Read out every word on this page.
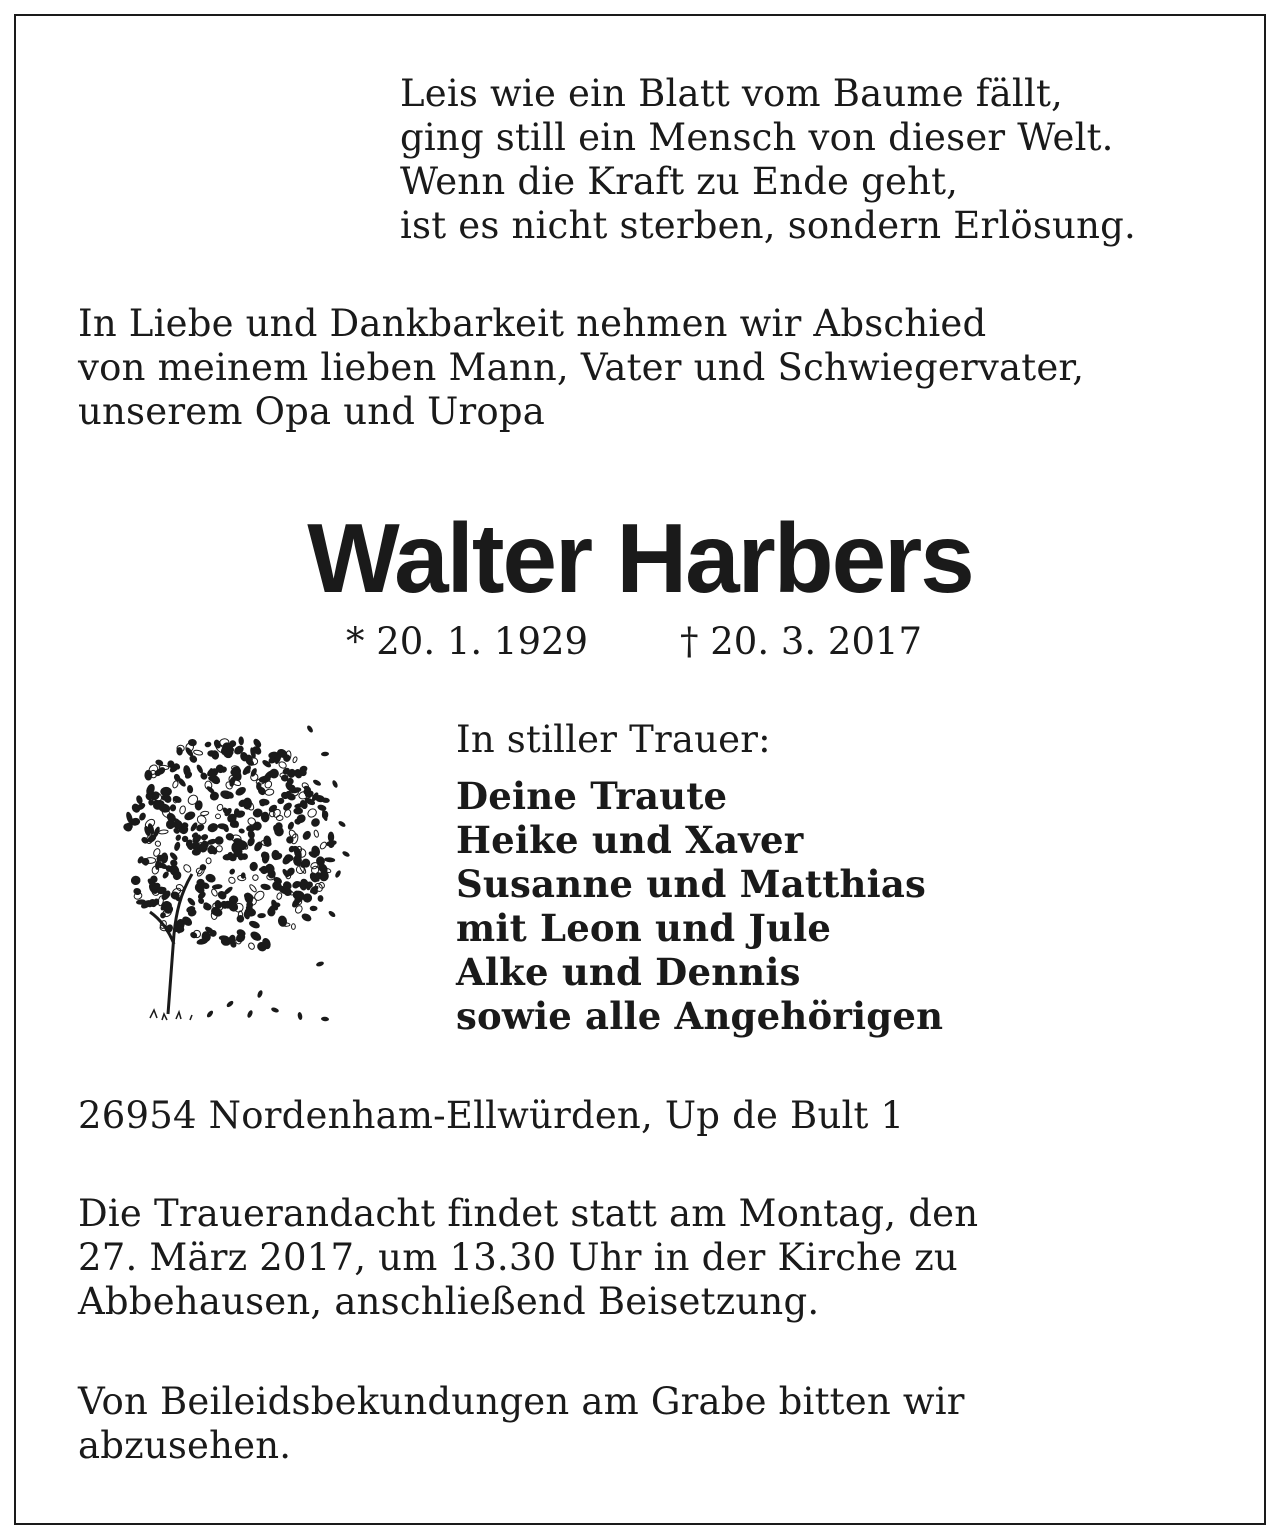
Leis wie ein Blatt vom Baume fällt,
ging still ein Mensch von dieser Welt.
Wenn die Kraft zu Ende geht,
ist es nicht sterben, sondern Erlösung.
In Liebe und Dankbarkeit nehmen wir Abschied
von meinem lieben Mann, Vater und Schwiegervater,
unserem Opa und Uropa
Walter Harbers
* 20. 1. 1929 † 20. 3. 2017
In stiller Trauer:
Deine Traute
Heike und Xaver
Susanne und Matthias
mit Leon und Jule
Alke und Dennis
sowie alle Angehörigen
26954 Nordenham-Ellwürden, Up de Bult 1
Die Trauerandacht findet statt am Montag, den
27. März 2017, um 13.30 Uhr in der Kirche zu
Abbehausen, anschließend Beisetzung.
Von Beileidsbekundungen am Grabe bitten wir
abzusehen.
